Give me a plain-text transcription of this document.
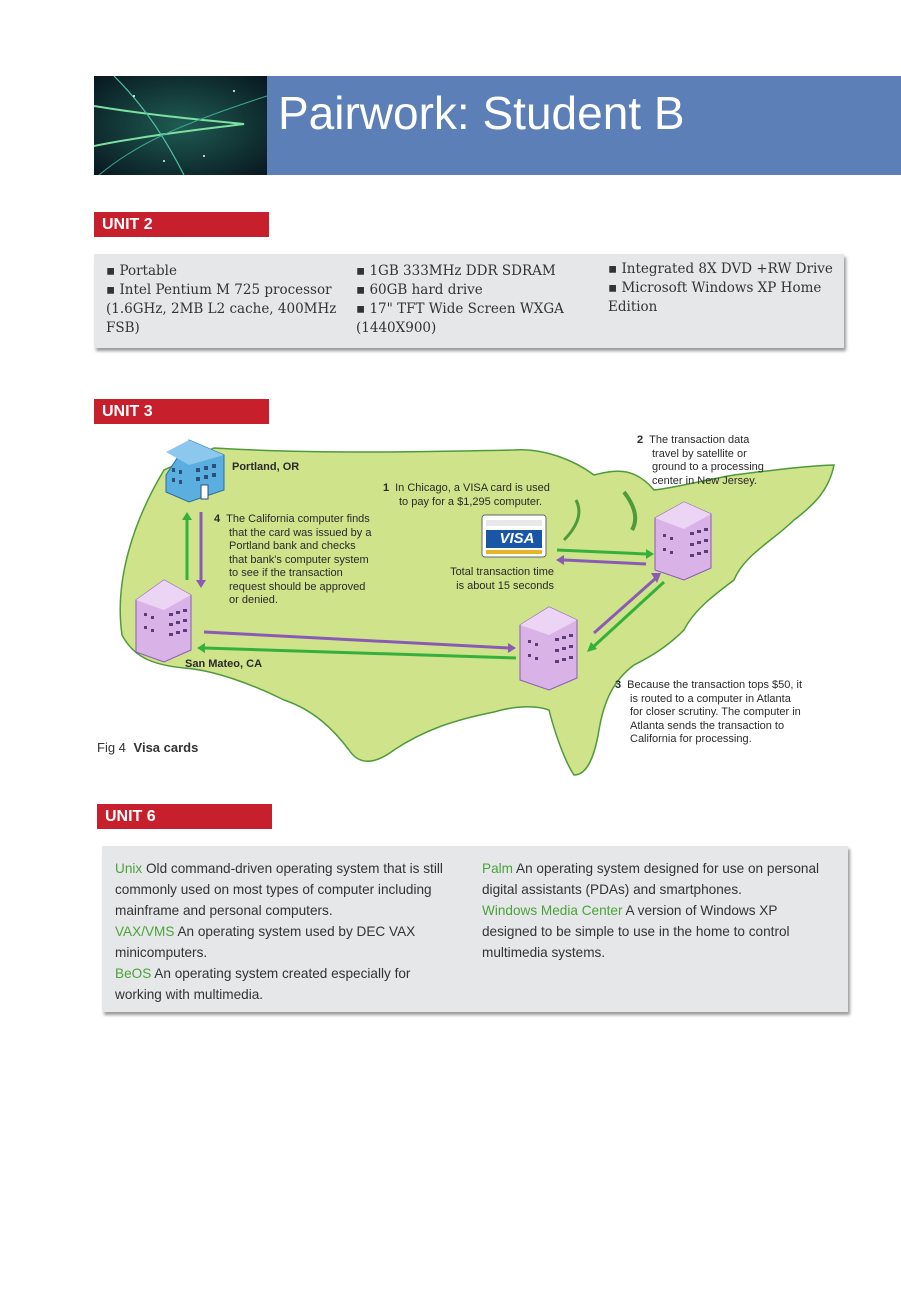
Pairwork: Student B
UNIT 2
▪ Portable
▪ Intel Pentium M 725 processor
(1.6GHz, 2MB L2 cache, 400MHz
FSB)
▪ 1GB 333MHz DDR SDRAM
▪ 60GB hard drive
▪ 17" TFT Wide Screen WXGA
(1440X900)
▪ Integrated 8X DVD +RW Drive
▪ Microsoft Windows XP Home
Edition
UNIT 3
VISA
Portland, OR
San Mateo, CA
1 In Chicago, a VISA card is used
to pay for a $1,295 computer.
2 The transaction data
travel by satellite or
ground to a processing
center in New Jersey.
3 Because the transaction tops $50, it
is routed to a computer in Atlanta
for closer scrutiny. The computer in
Atlanta sends the transaction to
California for processing.
4 The California computer finds
that the card was issued by a
Portland bank and checks
that bank's computer system
to see if the transaction
request should be approved
or denied.
Total transaction time
is about 15 seconds
Fig 4 Visa cards
UNIT 6
Unix Old command-driven operating system that is still commonly used on most types of computer including mainframe and personal computers.
VAX/VMS An operating system used by DEC VAX minicomputers.
BeOS An operating system created especially for working with multimedia.
Palm An operating system designed for use on personal digital assistants (PDAs) and smartphones.
Windows Media Center A version of Windows XP designed to be simple to use in the home to control multimedia systems.
